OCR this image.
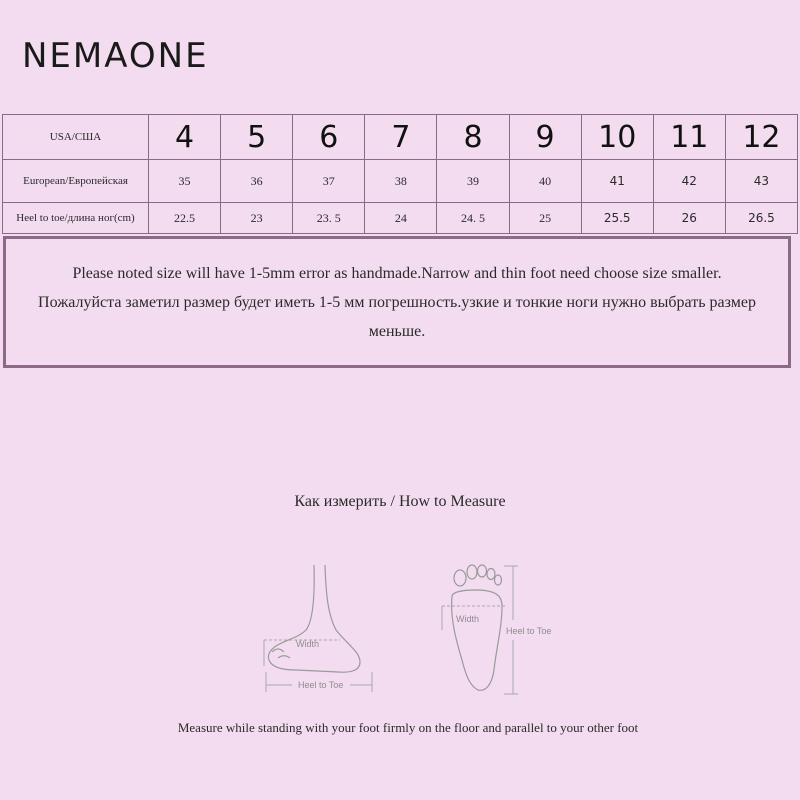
NEMAONE
USA/США	4	5	6	7	8	9	10	11	12
European/Европейская	35	36	37	38	39	40	41	42	43
Heel to toe/длина ног(cm)	22.5	23	23. 5	24	24. 5	25	25.5	26	26.5
Please noted size will have 1-5mm error as handmade.Narrow and thin foot need choose size smaller.
Пожалуйста заметил размер будет иметь 1-5 мм погрешность.узкие и тонкие ноги нужно выбрать размер
меньше.
Как измерить / How to Measure
Width
Heel to Toe
Width
Heel to Toe
Measure while standing with your foot firmly on the floor and parallel to your other foot
